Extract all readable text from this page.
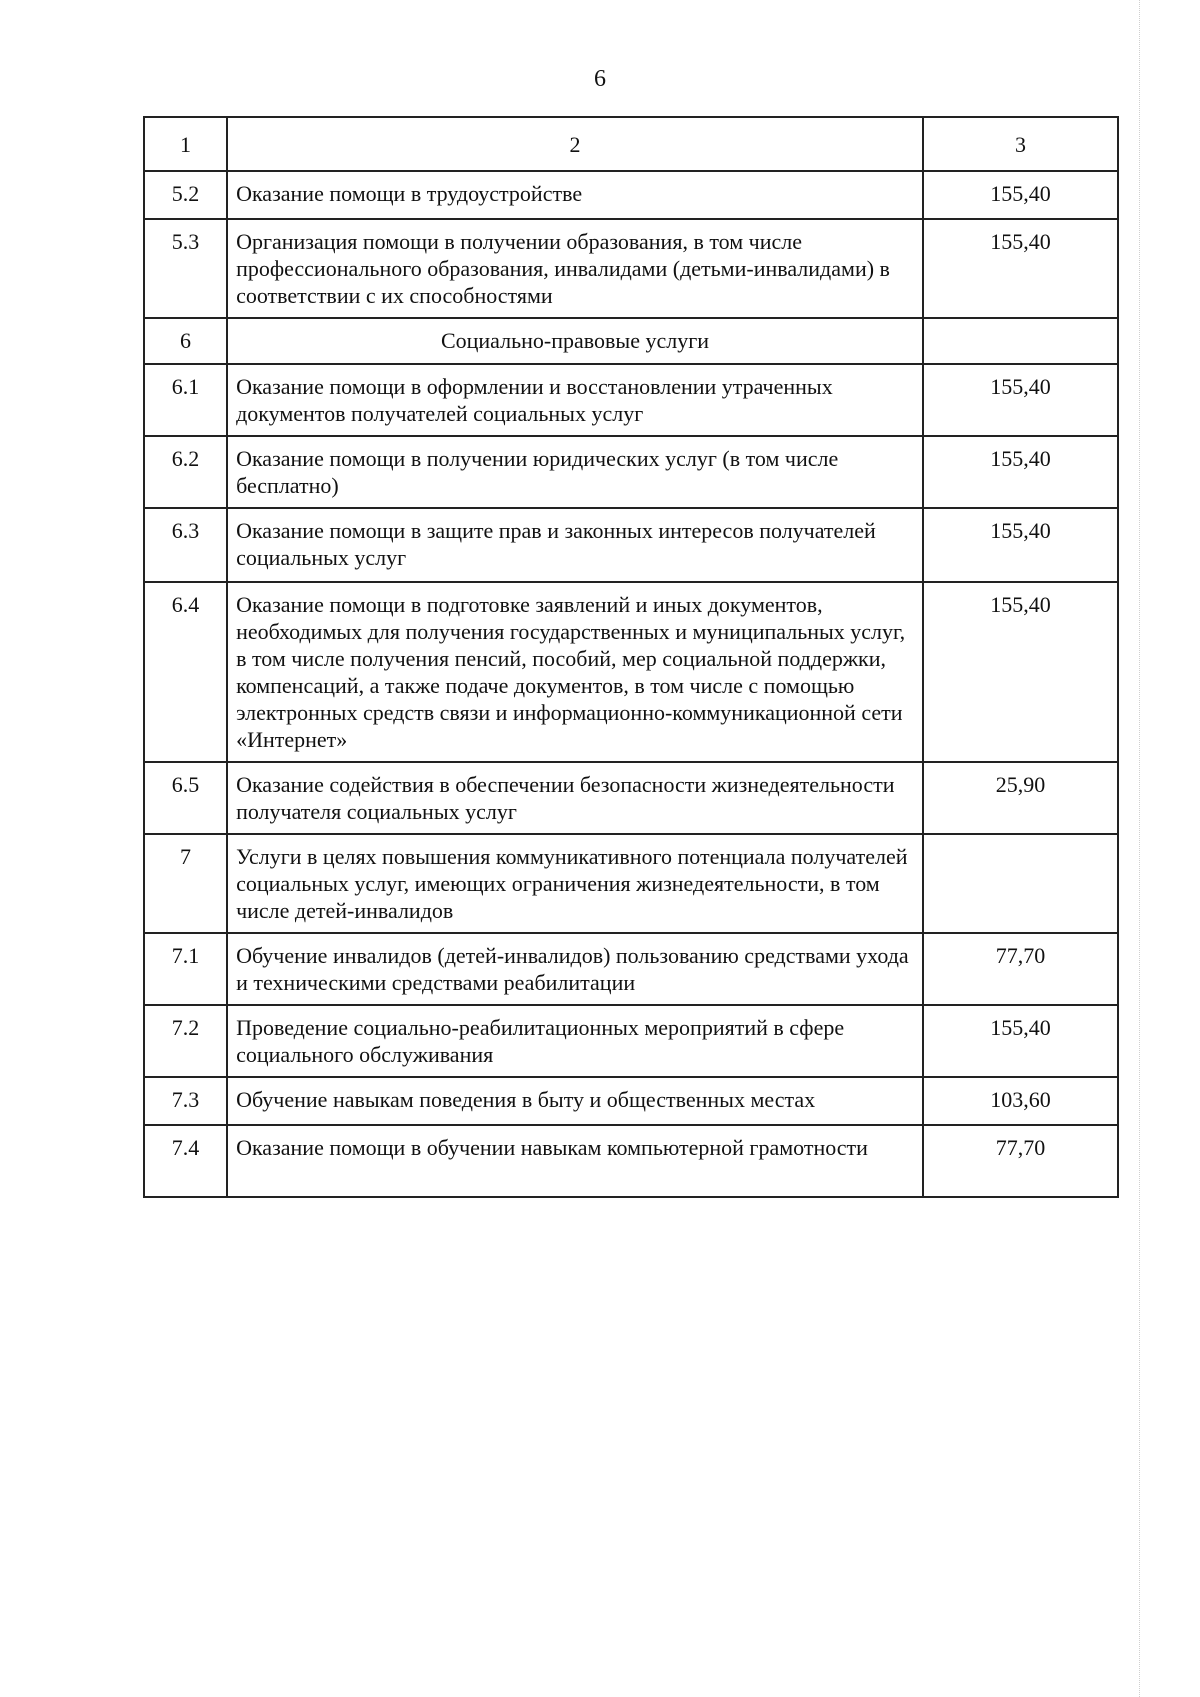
6
1	2	3
5.2	Оказание помощи в трудоустройстве	155,40
5.3	Организация помощи в получении образования, в том числе профессионального образования, инвалидами (детьми-инвалидами) в соответствии с их способностями	155,40
6	Социально-правовые услуги	
6.1	Оказание помощи в оформлении и восстановлении утраченных документов получателей социальных услуг	155,40
6.2	Оказание помощи в получении юридических услуг (в том числе бесплатно)	155,40
6.3	Оказание помощи в защите прав и законных интересов получателей социальных услуг	155,40
6.4	Оказание помощи в подготовке заявлений и иных документов, необходимых для получения государственных и муниципальных услуг, в том числе получения пенсий, пособий, мер социальной поддержки, компенсаций, а также подаче документов, в том числе с помощью электронных средств связи и информационно-коммуникационной сети «Интернет»	155,40
6.5	Оказание содействия в обеспечении безопасности жизнедеятельности получателя социальных услуг	25,90
7	Услуги в целях повышения коммуникативного потенциала получателей социальных услуг, имеющих ограничения жизнедеятельности, в том числе детей-инвалидов	
7.1	Обучение инвалидов (детей-инвалидов) пользованию средствами ухода и техническими средствами реабилитации	77,70
7.2	Проведение социально-реабилитационных мероприятий в сфере социального обслуживания	155,40
7.3	Обучение навыкам поведения в быту и общественных местах	103,60
7.4	Оказание помощи в обучении навыкам компьютерной грамотности	77,70
